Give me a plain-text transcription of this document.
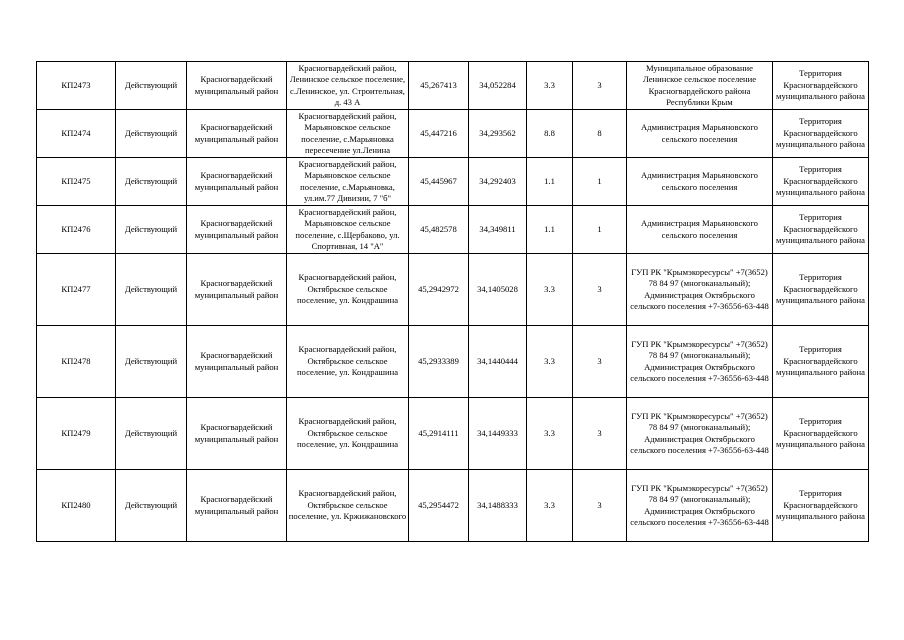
КП2473	Действующий	Красногвардейский муниципальный район	Красногвардейский район, Ленинское сельское поселение, с.Ленинское, ул. Строительная, д. 43 А	45,267413	34,052284	3.3	3	Муниципальное образование Ленинское сельское поселение Красногвардейского района Республики Крым	Территория Красногвардейского муниципального района
КП2474	Действующий	Красногвардейский муниципальный район	Красногвардейский район, Марьяновское сельское поселение, с.Марьяновка пересечение ул.Ленина	45,447216	34,293562	8.8	8	Администрация Марьяновского сельского поселения	Территория Красногвардейского муниципального района
КП2475	Действующий	Красногвардейский муниципальный район	Красногвардейский район, Марьяновское сельское поселение, с.Марьяновка, ул.им.77 Дивизии, 7 "б"	45,445967	34,292403	1.1	1	Администрация Марьяновского сельского поселения	Территория Красногвардейского муниципального района
КП2476	Действующий	Красногвардейский муниципальный район	Красногвардейский район, Марьяновское сельское поселение, с.Щербаково, ул. Спортивная, 14 "А"	45,482578	34,349811	1.1	1	Администрация Марьяновского сельского поселения	Территория Красногвардейского муниципального района
КП2477	Действующий	Красногвардейский муниципальный район	Красногвардейский район, Октябрьское сельское поселение, ул. Кондрашина	45,2942972	34,1405028	3.3	3	ГУП РК "Крымэкоресурсы" +7(3652) 78 84 97 (многоканальный); Администрация Октябрьского сельского поселения +7-36556-63-448	Территория Красногвардейского муниципального района
КП2478	Действующий	Красногвардейский муниципальный район	Красногвардейский район, Октябрьское сельское поселение, ул. Кондрашина	45,2933389	34,1440444	3.3	3	ГУП РК "Крымэкоресурсы" +7(3652) 78 84 97 (многоканальный); Администрация Октябрьского сельского поселения +7-36556-63-448	Территория Красногвардейского муниципального района
КП2479	Действующий	Красногвардейский муниципальный район	Красногвардейский район, Октябрьское сельское поселение, ул. Кондрашина	45,2914111	34,1449333	3.3	3	ГУП РК "Крымэкоресурсы" +7(3652) 78 84 97 (многоканальный); Администрация Октябрьского сельского поселения +7-36556-63-448	Территория Красногвардейского муниципального района
КП2480	Действующий	Красногвардейский муниципальный район	Красногвардейский район, Октябрьское сельское поселение, ул. Кржижановского	45,2954472	34,1488333	3.3	3	ГУП РК "Крымэкоресурсы" +7(3652) 78 84 97 (многоканальный); Администрация Октябрьского сельского поселения +7-36556-63-448	Территория Красногвардейского муниципального района
